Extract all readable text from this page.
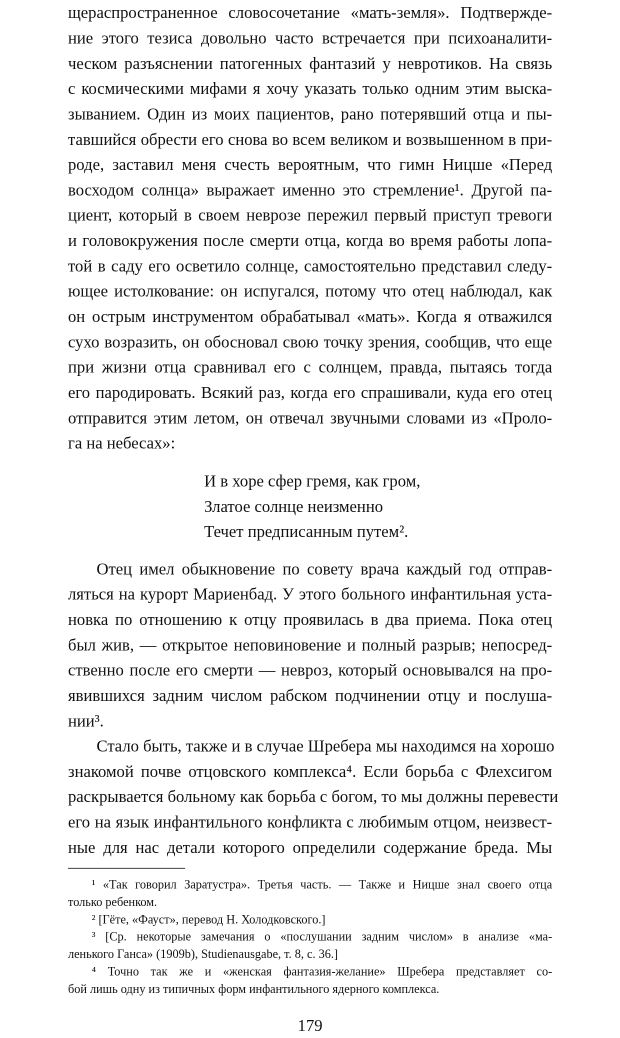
щераспространенное словосочетание «мать-земля». Подтвержде-
ние этого тезиса довольно часто встречается при психоаналити-
ческом разъяснении патогенных фантазий у невротиков. На связь
с космическими мифами я хочу указать только одним этим выска-
зыванием. Один из моих пациентов, рано потерявший отца и пы-
тавшийся обрести его снова во всем великом и возвышенном в при-
роде, заставил меня счесть вероятным, что гимн Ницше «Перед
восходом солнца» выражает именно это стремление¹. Другой па-
циент, который в своем неврозе пережил первый приступ тревоги
и головокружения после смерти отца, когда во время работы лопа-
той в саду его осветило солнце, самостоятельно представил следу-
ющее истолкование: он испугался, потому что отец наблюдал, как
он острым инструментом обрабатывал «мать». Когда я отважился
сухо возразить, он обосновал свою точку зрения, сообщив, что еще
при жизни отца сравнивал его с солнцем, правда, пытаясь тогда
его пародировать. Всякий раз, когда его спрашивали, куда его отец
отправится этим летом, он отвечал звучными словами из «Проло-
га на небесах»:
И в хоре сфер гремя, как гром,
Златое солнце неизменно
Течет предписанным путем².
Отец имел обыкновение по совету врача каждый год отправ-
ляться на курорт Мариенбад. У этого больного инфантильная уста-
новка по отношению к отцу проявилась в два приема. Пока отец
был жив, — открытое неповиновение и полный разрыв; непосред-
ственно после его смерти — невроз, который основывался на про-
явившихся задним числом рабском подчинении отцу и послуша-
нии³.
Стало быть, также и в случае Шребера мы находимся на хорошо
знакомой почве отцовского комплекса⁴. Если борьба с Флехсигом
раскрывается больному как борьба с богом, то мы должны перевести
его на язык инфантильного конфликта с любимым отцом, неизвест-
ные для нас детали которого определили содержание бреда. Мы
¹ «Так говорил Заратустра». Третья часть. — Также и Ницше знал своего отца
только ребенком.
² [Гёте, «Фауст», перевод Н. Холодковского.]
³ [Ср. некоторые замечания о «послушании задним числом» в анализе «ма-
ленького Ганса» (1909b), Studienausgabe, т. 8, с. 36.]
⁴ Точно так же и «женская фантазия-желание» Шребера представляет со-
бой лишь одну из типичных форм инфантильного ядерного комплекса.
179
